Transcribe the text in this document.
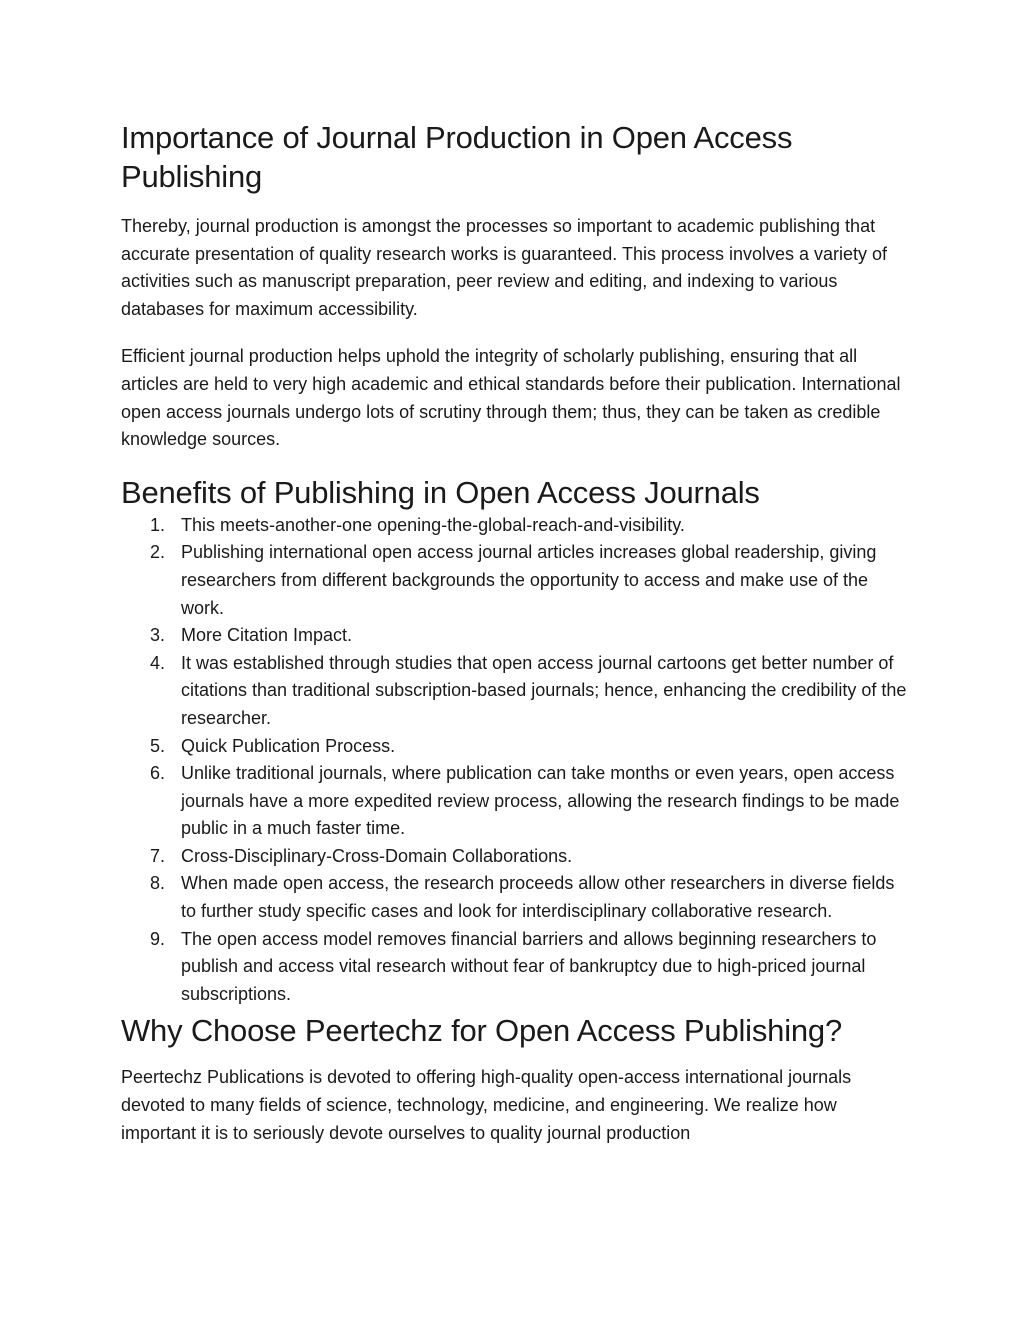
Importance of Journal Production in Open Access Publishing

Thereby, journal production is amongst the processes so important to academic publishing that accurate presentation of quality research works is guaranteed. This process involves a variety of activities such as manuscript preparation, peer review and editing, and indexing to various databases for maximum accessibility.

Efficient journal production helps uphold the integrity of scholarly publishing, ensuring that all articles are held to very high academic and ethical standards before their publication. International open access journals undergo lots of scrutiny through them; thus, they can be taken as credible knowledge sources.

Benefits of Publishing in Open Access Journals
1. This meets-another-one opening-the-global-reach-and-visibility.
2. Publishing international open access journal articles increases global readership, giving researchers from different backgrounds the opportunity to access and make use of the work.
3. More Citation Impact.
4. It was established through studies that open access journal cartoons get better number of citations than traditional subscription-based journals; hence, enhancing the credibility of the researcher.
5. Quick Publication Process.
6. Unlike traditional journals, where publication can take months or even years, open access journals have a more expedited review process, allowing the research findings to be made public in a much faster time.
7. Cross-Disciplinary-Cross-Domain Collaborations.
8. When made open access, the research proceeds allow other researchers in diverse fields to further study specific cases and look for interdisciplinary collaborative research.
9. The open access model removes financial barriers and allows beginning researchers to publish and access vital research without fear of bankruptcy due to high-priced journal subscriptions.
Why Choose Peertechz for Open Access Publishing?

Peertechz Publications is devoted to offering high-quality open-access international journals devoted to many fields of science, technology, medicine, and engineering. We realize how important it is to seriously devote ourselves to quality journal production
